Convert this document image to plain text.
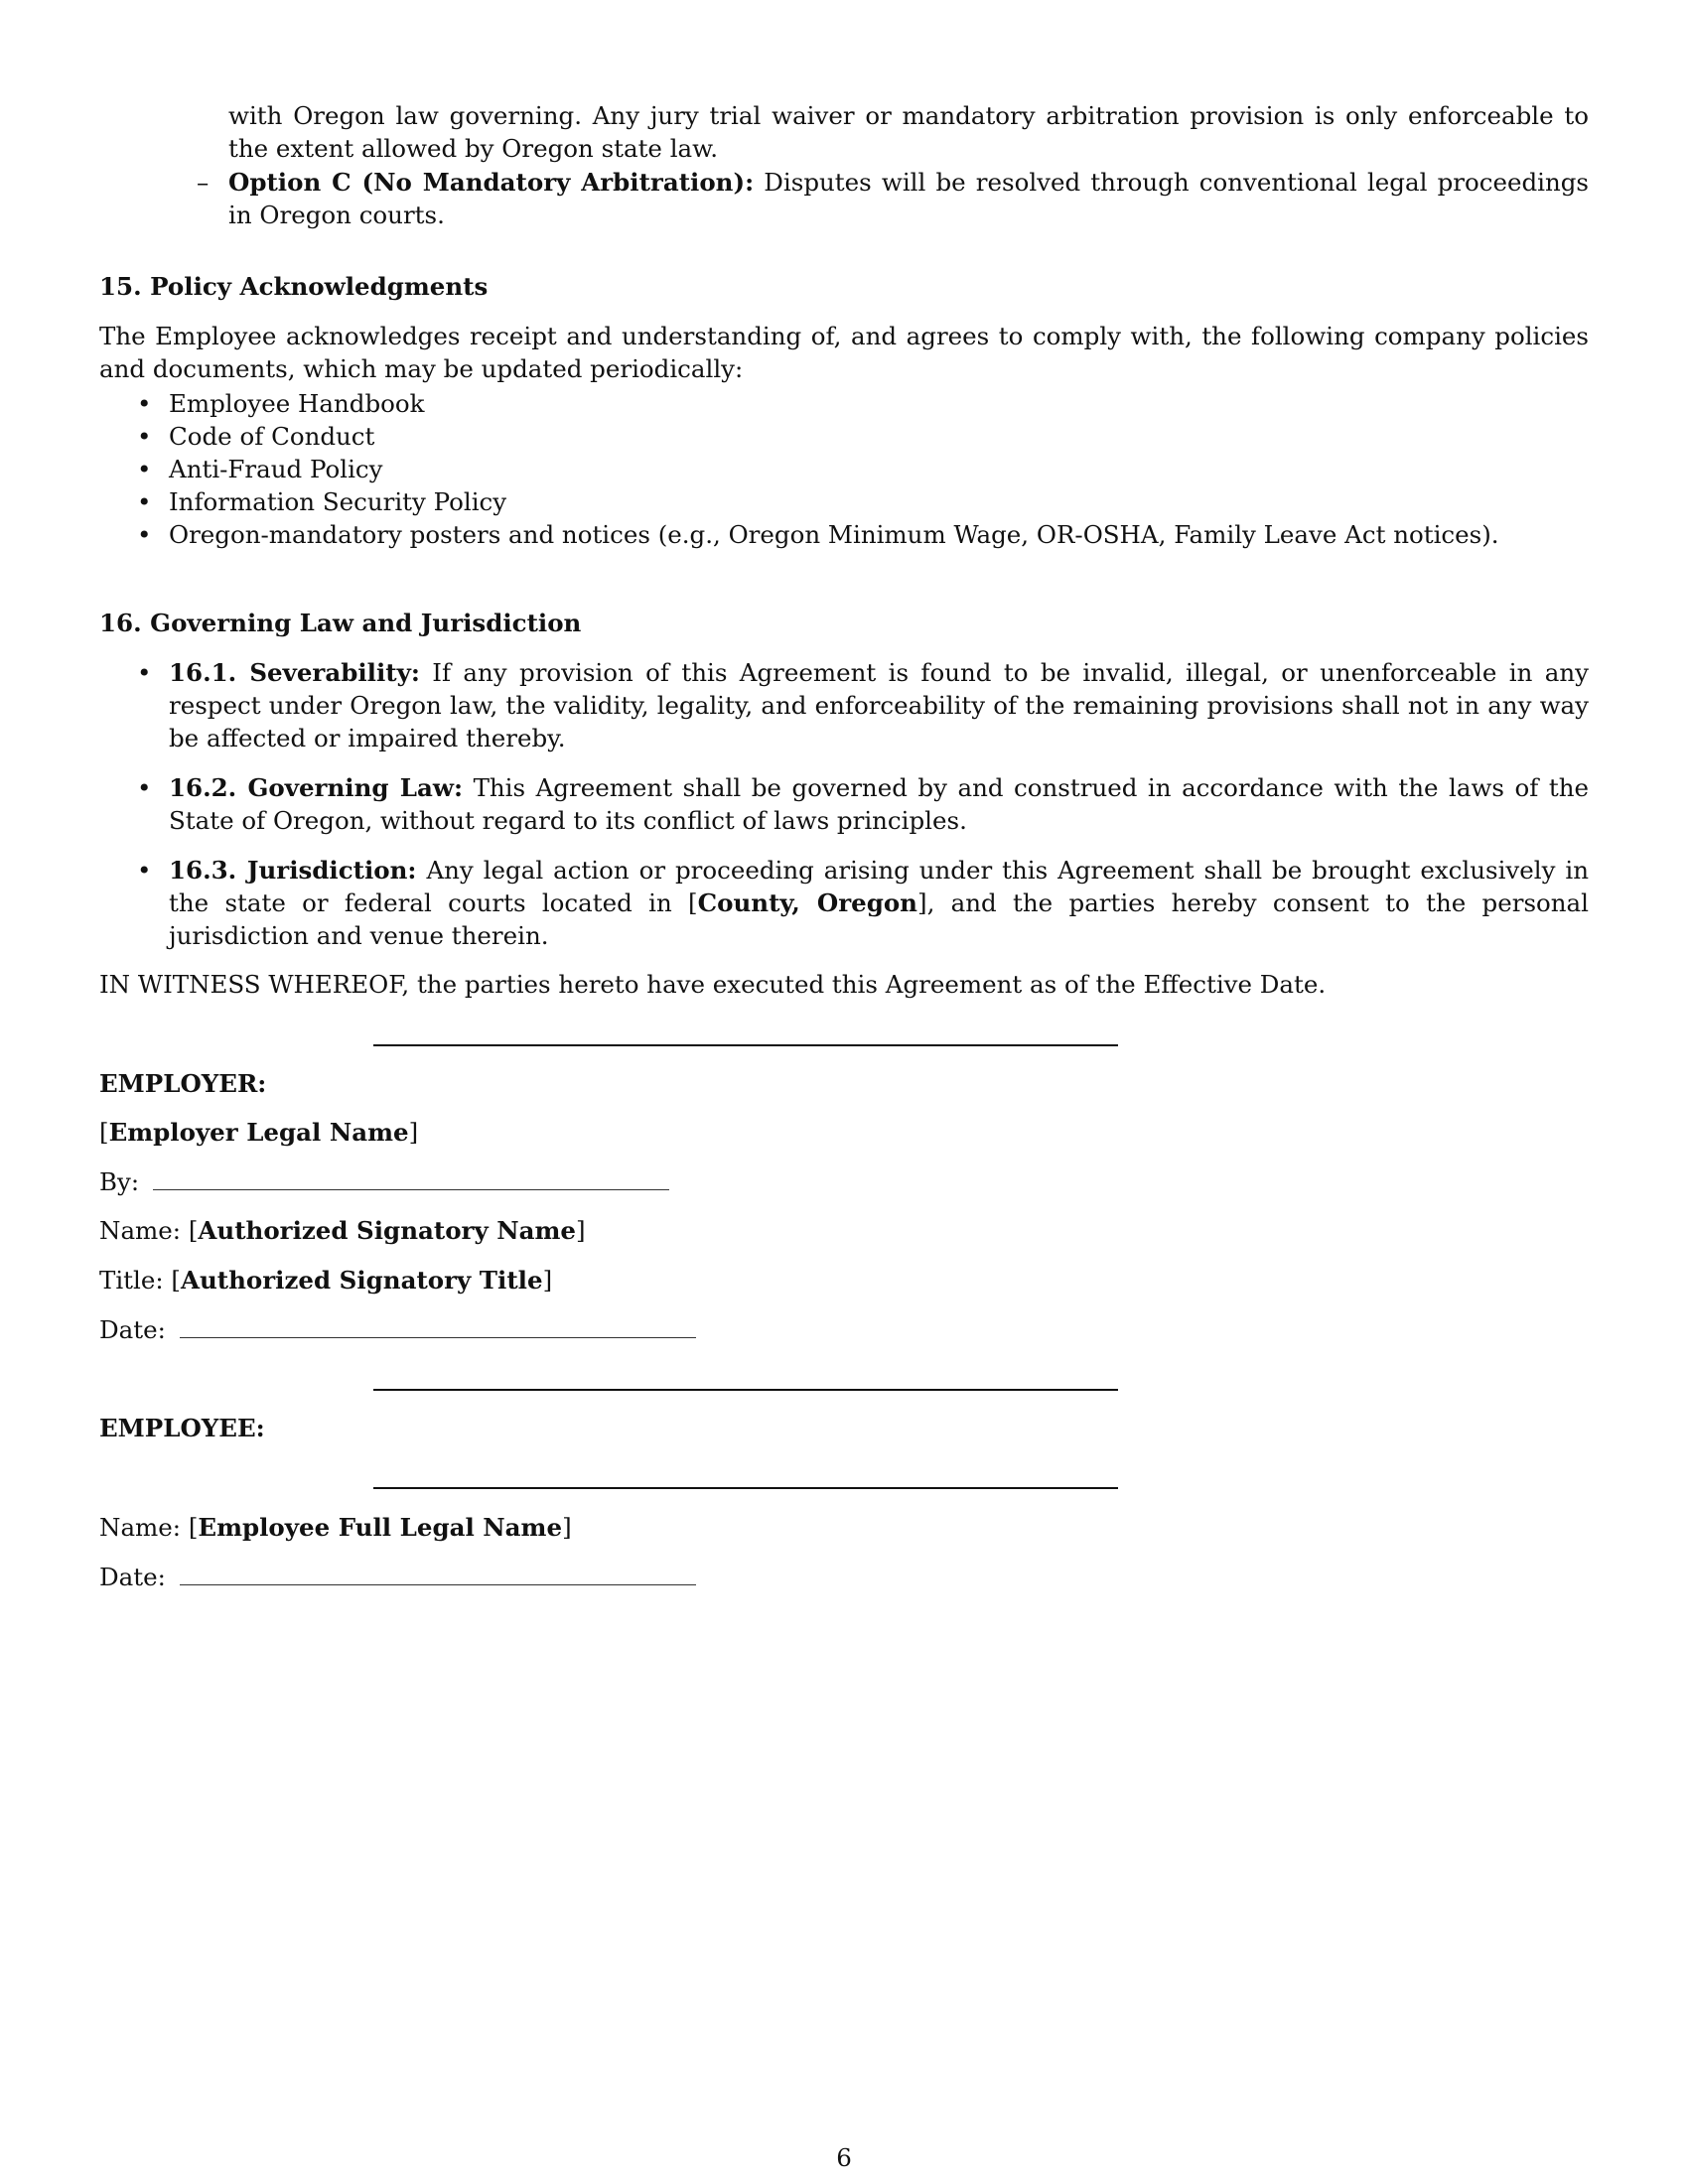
with Oregon law governing. Any jury trial waiver or mandatory arbitration provision is only enforceable to the extent allowed by Oregon state law.
– Option C (No Mandatory Arbitration): Disputes will be resolved through conventional legal proceedings in Oregon courts.
15. Policy Acknowledgments
The Employee acknowledges receipt and understanding of, and agrees to comply with, the following company policies and documents, which may be updated periodically:
• Employee Handbook
• Code of Conduct
• Anti-Fraud Policy
• Information Security Policy
• Oregon-mandatory posters and notices (e.g., Oregon Minimum Wage, OR-OSHA, Family Leave Act notices).
16. Governing Law and Jurisdiction
• 16.1. Severability: If any provision of this Agreement is found to be invalid, illegal, or unenforceable in any respect under Oregon law, the validity, legality, and enforceability of the remaining provisions shall not in any way be affected or impaired thereby.
• 16.2. Governing Law: This Agreement shall be governed by and construed in accordance with the laws of the State of Oregon, without regard to its conflict of laws principles.
• 16.3. Jurisdiction: Any legal action or proceeding arising under this Agreement shall be brought exclusively in the state or federal courts located in [County, Oregon], and the parties hereby consent to the personal jurisdiction and venue therein.
IN WITNESS WHEREOF, the parties hereto have executed this Agreement as of the Effective Date.
EMPLOYER:
[Employer Legal Name]
By:
Name: [Authorized Signatory Name]
Title: [Authorized Signatory Title]
Date:
EMPLOYEE:
Name: [Employee Full Legal Name]
Date:
6
